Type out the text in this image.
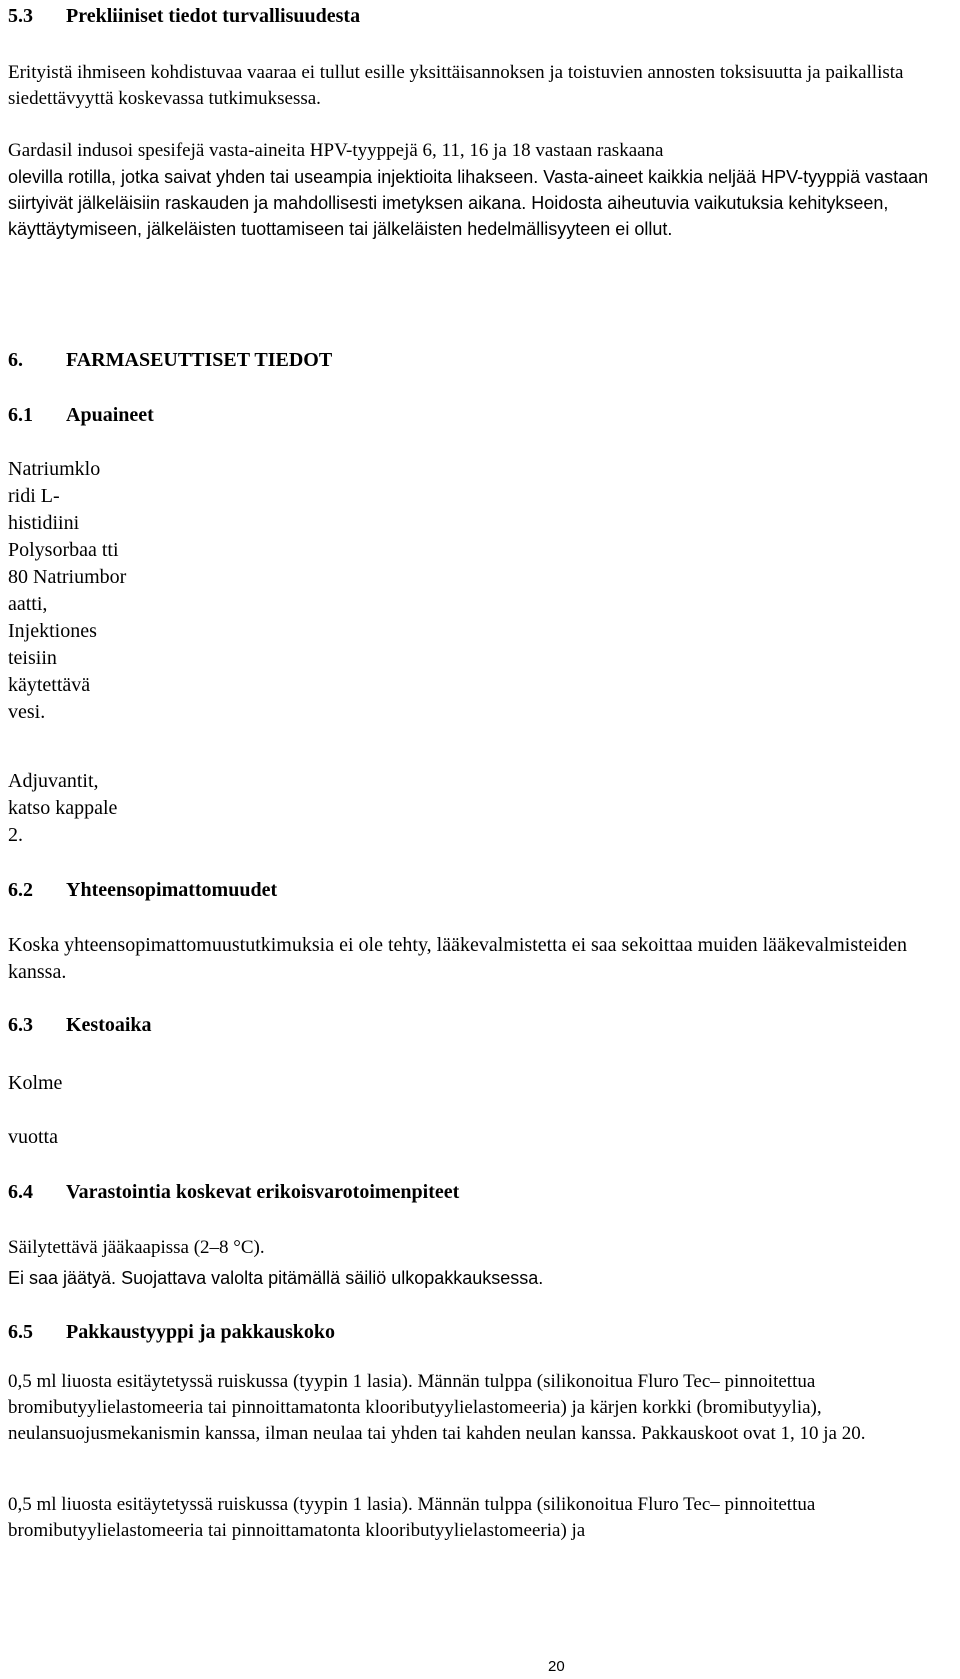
5.3 Prekliiniset tiedot turvallisuudesta

Erityistä ihmiseen kohdistuvaa vaaraa ei tullut esille yksittäisannoksen ja toistuvien annosten toksisuutta ja paikallista siedettävyyttä koskevassa tutkimuksessa.

Gardasil indusoi spesifejä vasta-aineita HPV-tyyppejä 6, 11, 16 ja 18 vastaan raskaana

olevilla rotilla, jotka saivat yhden tai useampia injektioita lihakseen. Vasta-aineet kaikkia neljää HPV-tyyppiä vastaan siirtyivät jälkeläisiin raskauden ja mahdollisesti imetyksen aikana. Hoidosta aiheutuvia vaikutuksia kehitykseen, käyttäytymiseen, jälkeläisten tuottamiseen tai jälkeläisten hedelmällisyyteen ei ollut.

6. FARMASEUTTISET TIEDOT
6.1 Apuaineet

Natriumklo ridi L-histidiini Polysorbaa tti 80 Natriumbor aatti, Injektiones teisiin käytettävä vesi.

Adjuvantit, katso kappale 2.

6.2 Yhteensopimattomuudet

Koska yhteensopimattomuustutkimuksia ei ole tehty, lääkevalmistetta ei saa sekoittaa muiden lääkevalmisteiden kanssa.

6.3 Kestoaika

Kolme

vuotta

6.4 Varastointia koskevat erikoisvarotoimenpiteet

Säilytettävä jääkaapissa (2–8 °C).

Ei saa jäätyä. Suojattava valolta pitämällä säiliö ulkopakkauksessa.

6.5 Pakkaustyyppi ja pakkauskoko

0,5 ml liuosta esitäytetyssä ruiskussa (tyypin 1 lasia). Männän tulppa (silikonoitua Fluro Tec– pinnoitettua bromibutyylielastomeeria tai pinnoittamatonta klooributyylielastomeeria) ja kärjen korkki (bromibutyylia), neulansuojusmekanismin kanssa, ilman neulaa tai yhden tai kahden neulan kanssa. Pakkauskoot ovat 1, 10 ja 20.

0,5 ml liuosta esitäytetyssä ruiskussa (tyypin 1 lasia). Männän tulppa (silikonoitua Fluro Tec– pinnoitettua bromibutyylielastomeeria tai pinnoittamatonta klooributyylielastomeeria) ja

20
